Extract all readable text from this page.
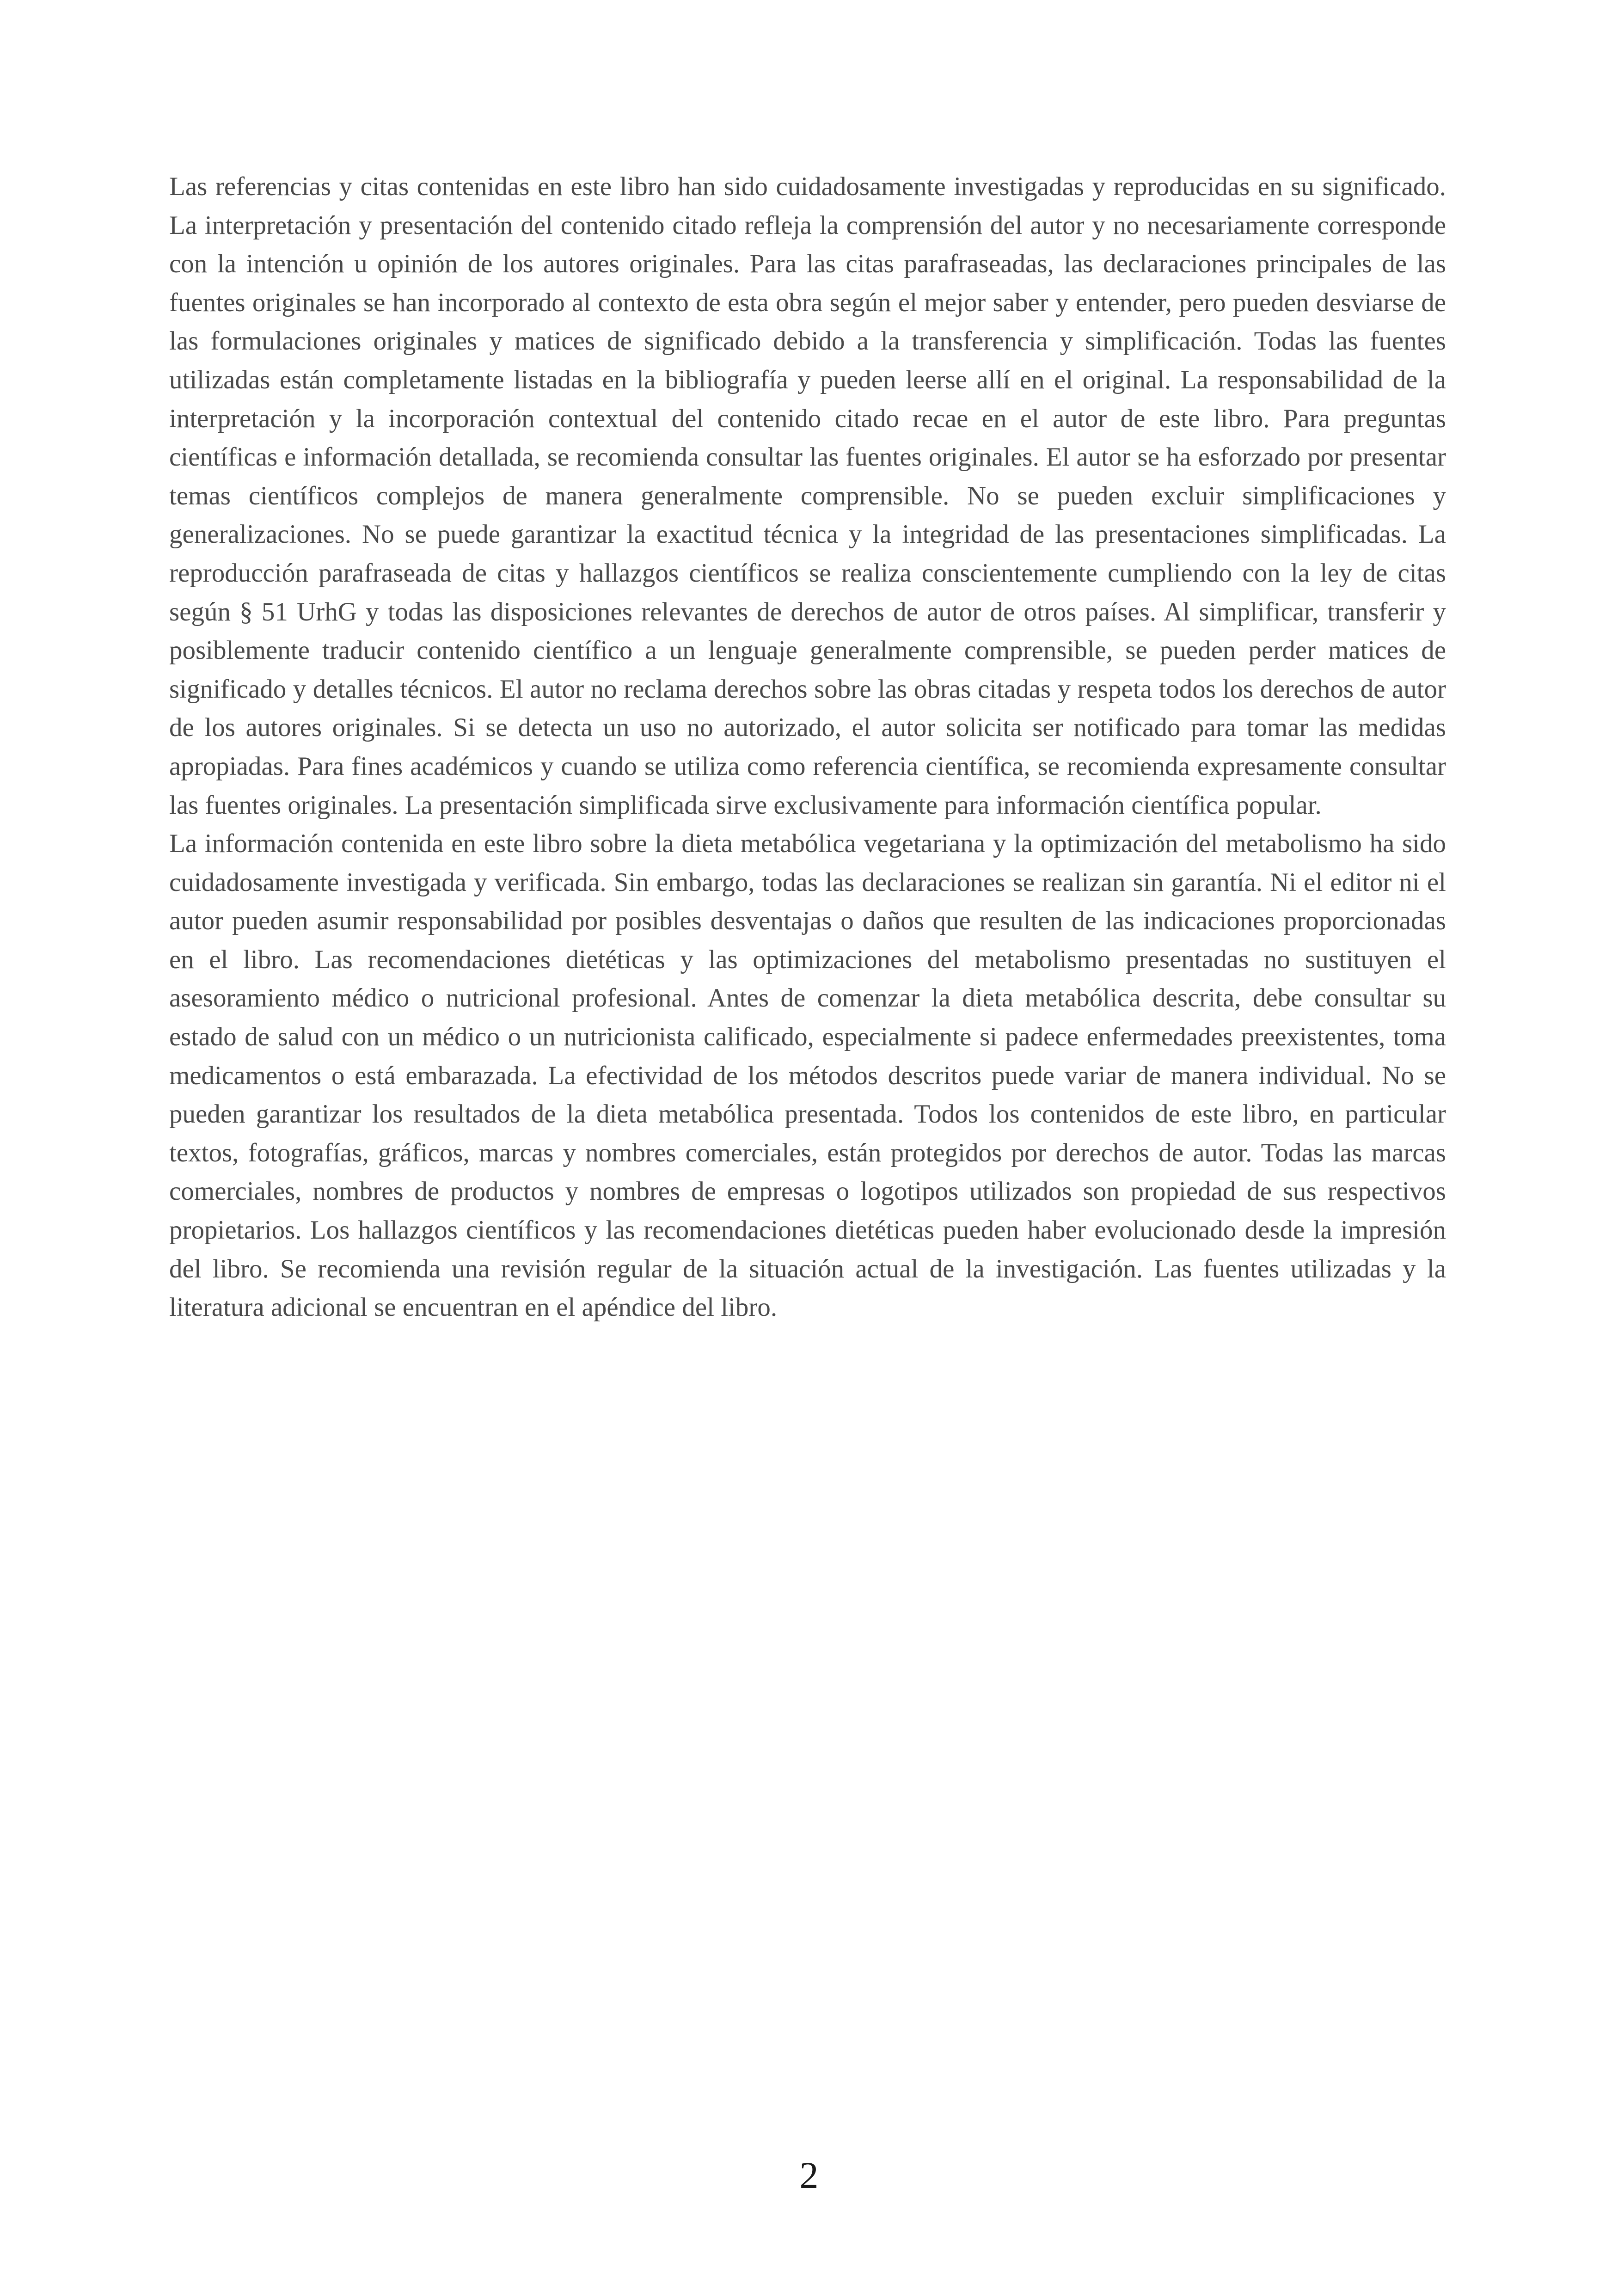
Las referencias y citas contenidas en este libro han sido cuidadosamente investigadas y reproducidas en su significado. La interpretación y presentación del contenido citado refleja la comprensión del autor y no necesariamente corresponde con la intención u opinión de los autores originales. Para las citas parafraseadas, las declaraciones principales de las fuentes originales se han incorporado al contexto de esta obra según el mejor saber y entender, pero pueden desviarse de las formulaciones originales y matices de significado debido a la transferencia y simplificación. Todas las fuentes utilizadas están completamente listadas en la bibliografía y pueden leerse allí en el original. La responsabilidad de la interpretación y la incorporación contextual del contenido citado recae en el autor de este libro. Para preguntas científicas e información detallada, se recomienda consultar las fuentes originales. El autor se ha esforzado por presentar temas científicos complejos de manera generalmente comprensible. No se pueden excluir simplificaciones y generalizaciones. No se puede garantizar la exactitud técnica y la integridad de las presentaciones simplificadas. La reproducción parafraseada de citas y hallazgos científicos se realiza conscientemente cumpliendo con la ley de citas según § 51 UrhG y todas las disposiciones relevantes de derechos de autor de otros países. Al simplificar, transferir y posiblemente traducir contenido científico a un lenguaje generalmente comprensible, se pueden perder matices de significado y detalles técnicos. El autor no reclama derechos sobre las obras citadas y respeta todos los derechos de autor de los autores originales. Si se detecta un uso no autorizado, el autor solicita ser notificado para tomar las medidas apropiadas. Para fines académicos y cuando se utiliza como referencia científica, se recomienda expresamente consultar las fuentes originales. La presentación simplificada sirve exclusivamente para información científica popular.

La información contenida en este libro sobre la dieta metabólica vegetariana y la optimización del metabolismo ha sido cuidadosamente investigada y verificada. Sin embargo, todas las declaraciones se realizan sin garantía. Ni el editor ni el autor pueden asumir responsabilidad por posibles desventajas o daños que resulten de las indicaciones proporcionadas en el libro. Las recomendaciones dietéticas y las optimizaciones del metabolismo presentadas no sustituyen el asesoramiento médico o nutricional profesional. Antes de comenzar la dieta metabólica descrita, debe consultar su estado de salud con un médico o un nutricionista calificado, especialmente si padece enfermedades preexistentes, toma medicamentos o está embarazada. La efectividad de los métodos descritos puede variar de manera individual. No se pueden garantizar los resultados de la dieta metabólica presentada. Todos los contenidos de este libro, en particular textos, fotografías, gráficos, marcas y nombres comerciales, están protegidos por derechos de autor. Todas las marcas comerciales, nombres de productos y nombres de empresas o logotipos utilizados son propiedad de sus respectivos propietarios. Los hallazgos científicos y las recomendaciones dietéticas pueden haber evolucionado desde la impresión del libro. Se recomienda una revisión regular de la situación actual de la investigación. Las fuentes utilizadas y la literatura adicional se encuentran en el apéndice del libro.

2
